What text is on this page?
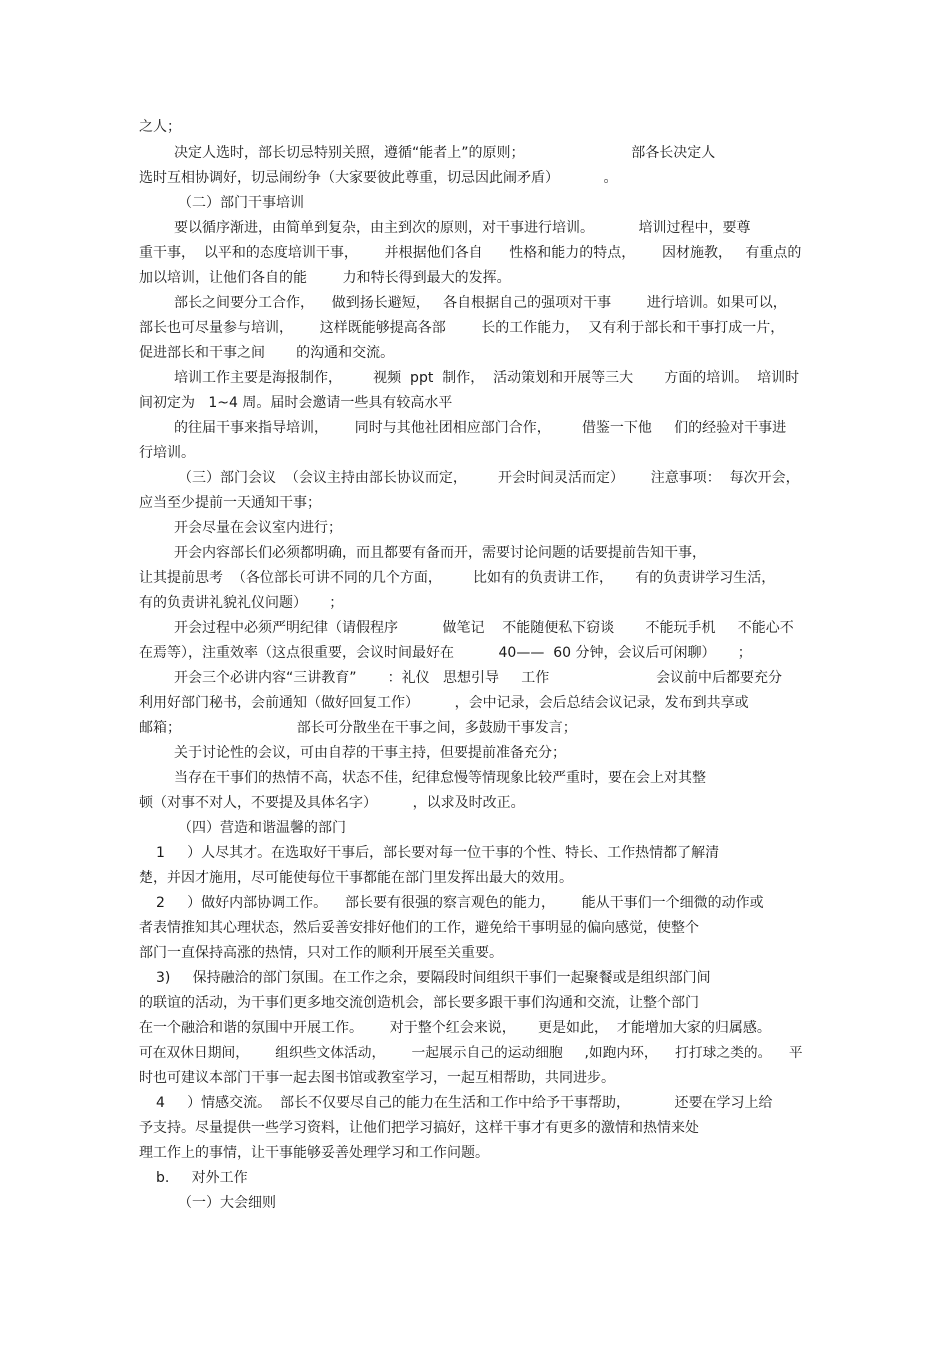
之人；
决定人选时，部长切忌特别关照，遵循“能者上”的原则；                        部各长决定人
选时互相协调好，切忌闹纷争（大家要彼此尊重，切忌因此闹矛盾）          。
（二）部门干事培训
要以循序渐进，由简单到复杂，由主到次的原则，对干事进行培训。          培训过程中，要尊
重干事，  以平和的态度培训干事，      并根据他们各自      性格和能力的特点，      因材施教，   有重点的
加以培训，让他们各自的能        力和特长得到最大的发挥。
部长之间要分工合作，    做到扬长避短，   各自根据自己的强项对干事        进行培训。如果可以，
部长也可尽量参与培训，      这样既能够提高各部        长的工作能力，  又有利于部长和干事打成一片，
促进部长和干事之间       的沟通和交流。
培训工作主要是海报制作，       视频  ppt  制作，  活动策划和开展等三大       方面的培训。  培训时
间初定为   1~4 周。届时会邀请一些具有较高水平
的往届干事来指导培训，      同时与其他社团相应部门合作，       借鉴一下他     们的经验对干事进
行培训。
（三）部门会议  （会议主持由部长协议而定，       开会时间灵活而定）      注意事项：  每次开会，
应当至少提前一天通知干事；
开会尽量在会议室内进行；
开会内容部长们必须都明确，而且都要有备而开，需要讨论问题的话要提前告知干事，
让其提前思考  （各位部长可讲不同的几个方面，       比如有的负责讲工作，     有的负责讲学习生活，
有的负责讲礼貌礼仪问题）     ；
开会过程中必须严明纪律（请假程序          做笔记    不能随便私下窃谈       不能玩手机     不能心不
在焉等），注重效率（这点很重要，会议时间最好在          40——  60 分钟，会议后可闲聊）     ；
开会三个必讲内容“三讲教育”       ：礼仪   思想引导     工作                        会议前中后都要充分
利用好部门秘书，会前通知（做好回复工作）        ，会中记录，会后总结会议记录，发布到共享或
邮箱；                          部长可分散坐在干事之间，多鼓励干事发言；
关于讨论性的会议，可由自荐的干事主持，但要提前准备充分；
当存在干事们的热情不高，状态不佳，纪律怠慢等情现象比较严重时，要在会上对其整
顿（对事不对人，不要提及具体名字）        ，以求及时改正。
（四）营造和谐温馨的部门
1     ）人尽其才。在选取好干事后，部长要对每一位干事的个性、特长、工作热情都了解清
楚，并因才施用，尽可能使每位干事都能在部门里发挥出最大的效用。
2     ）做好内部协调工作。    部长要有很强的察言观色的能力，      能从干事们一个细微的动作或
者表情推知其心理状态，然后妥善安排好他们的工作，避免给干事明显的偏向感觉，使整个
部门一直保持高涨的热情，只对工作的顺利开展至关重要。
3)     保持融洽的部门氛围。在工作之余，要隔段时间组织干事们一起聚餐或是组织部门间
的联谊的活动，为干事们更多地交流创造机会，部长要多跟干事们沟通和交流，让整个部门
在一个融洽和谐的氛围中开展工作。      对于整个红会来说，     更是如此，  才能增加大家的归属感。
可在双休日期间，      组织些文体活动，      一起展示自己的运动细胞     ,如跑内环，    打打球之类的。    平
时也可建议本部门干事一起去图书馆或教室学习，一起互相帮助，共同进步。
4     ）情感交流。  部长不仅要尽自己的能力在生活和工作中给予干事帮助，          还要在学习上给
予支持。尽量提供一些学习资料，让他们把学习搞好，这样干事才有更多的激情和热情来处
理工作上的事情，让干事能够妥善处理学习和工作问题。
b.     对外工作
（一）大会细则
